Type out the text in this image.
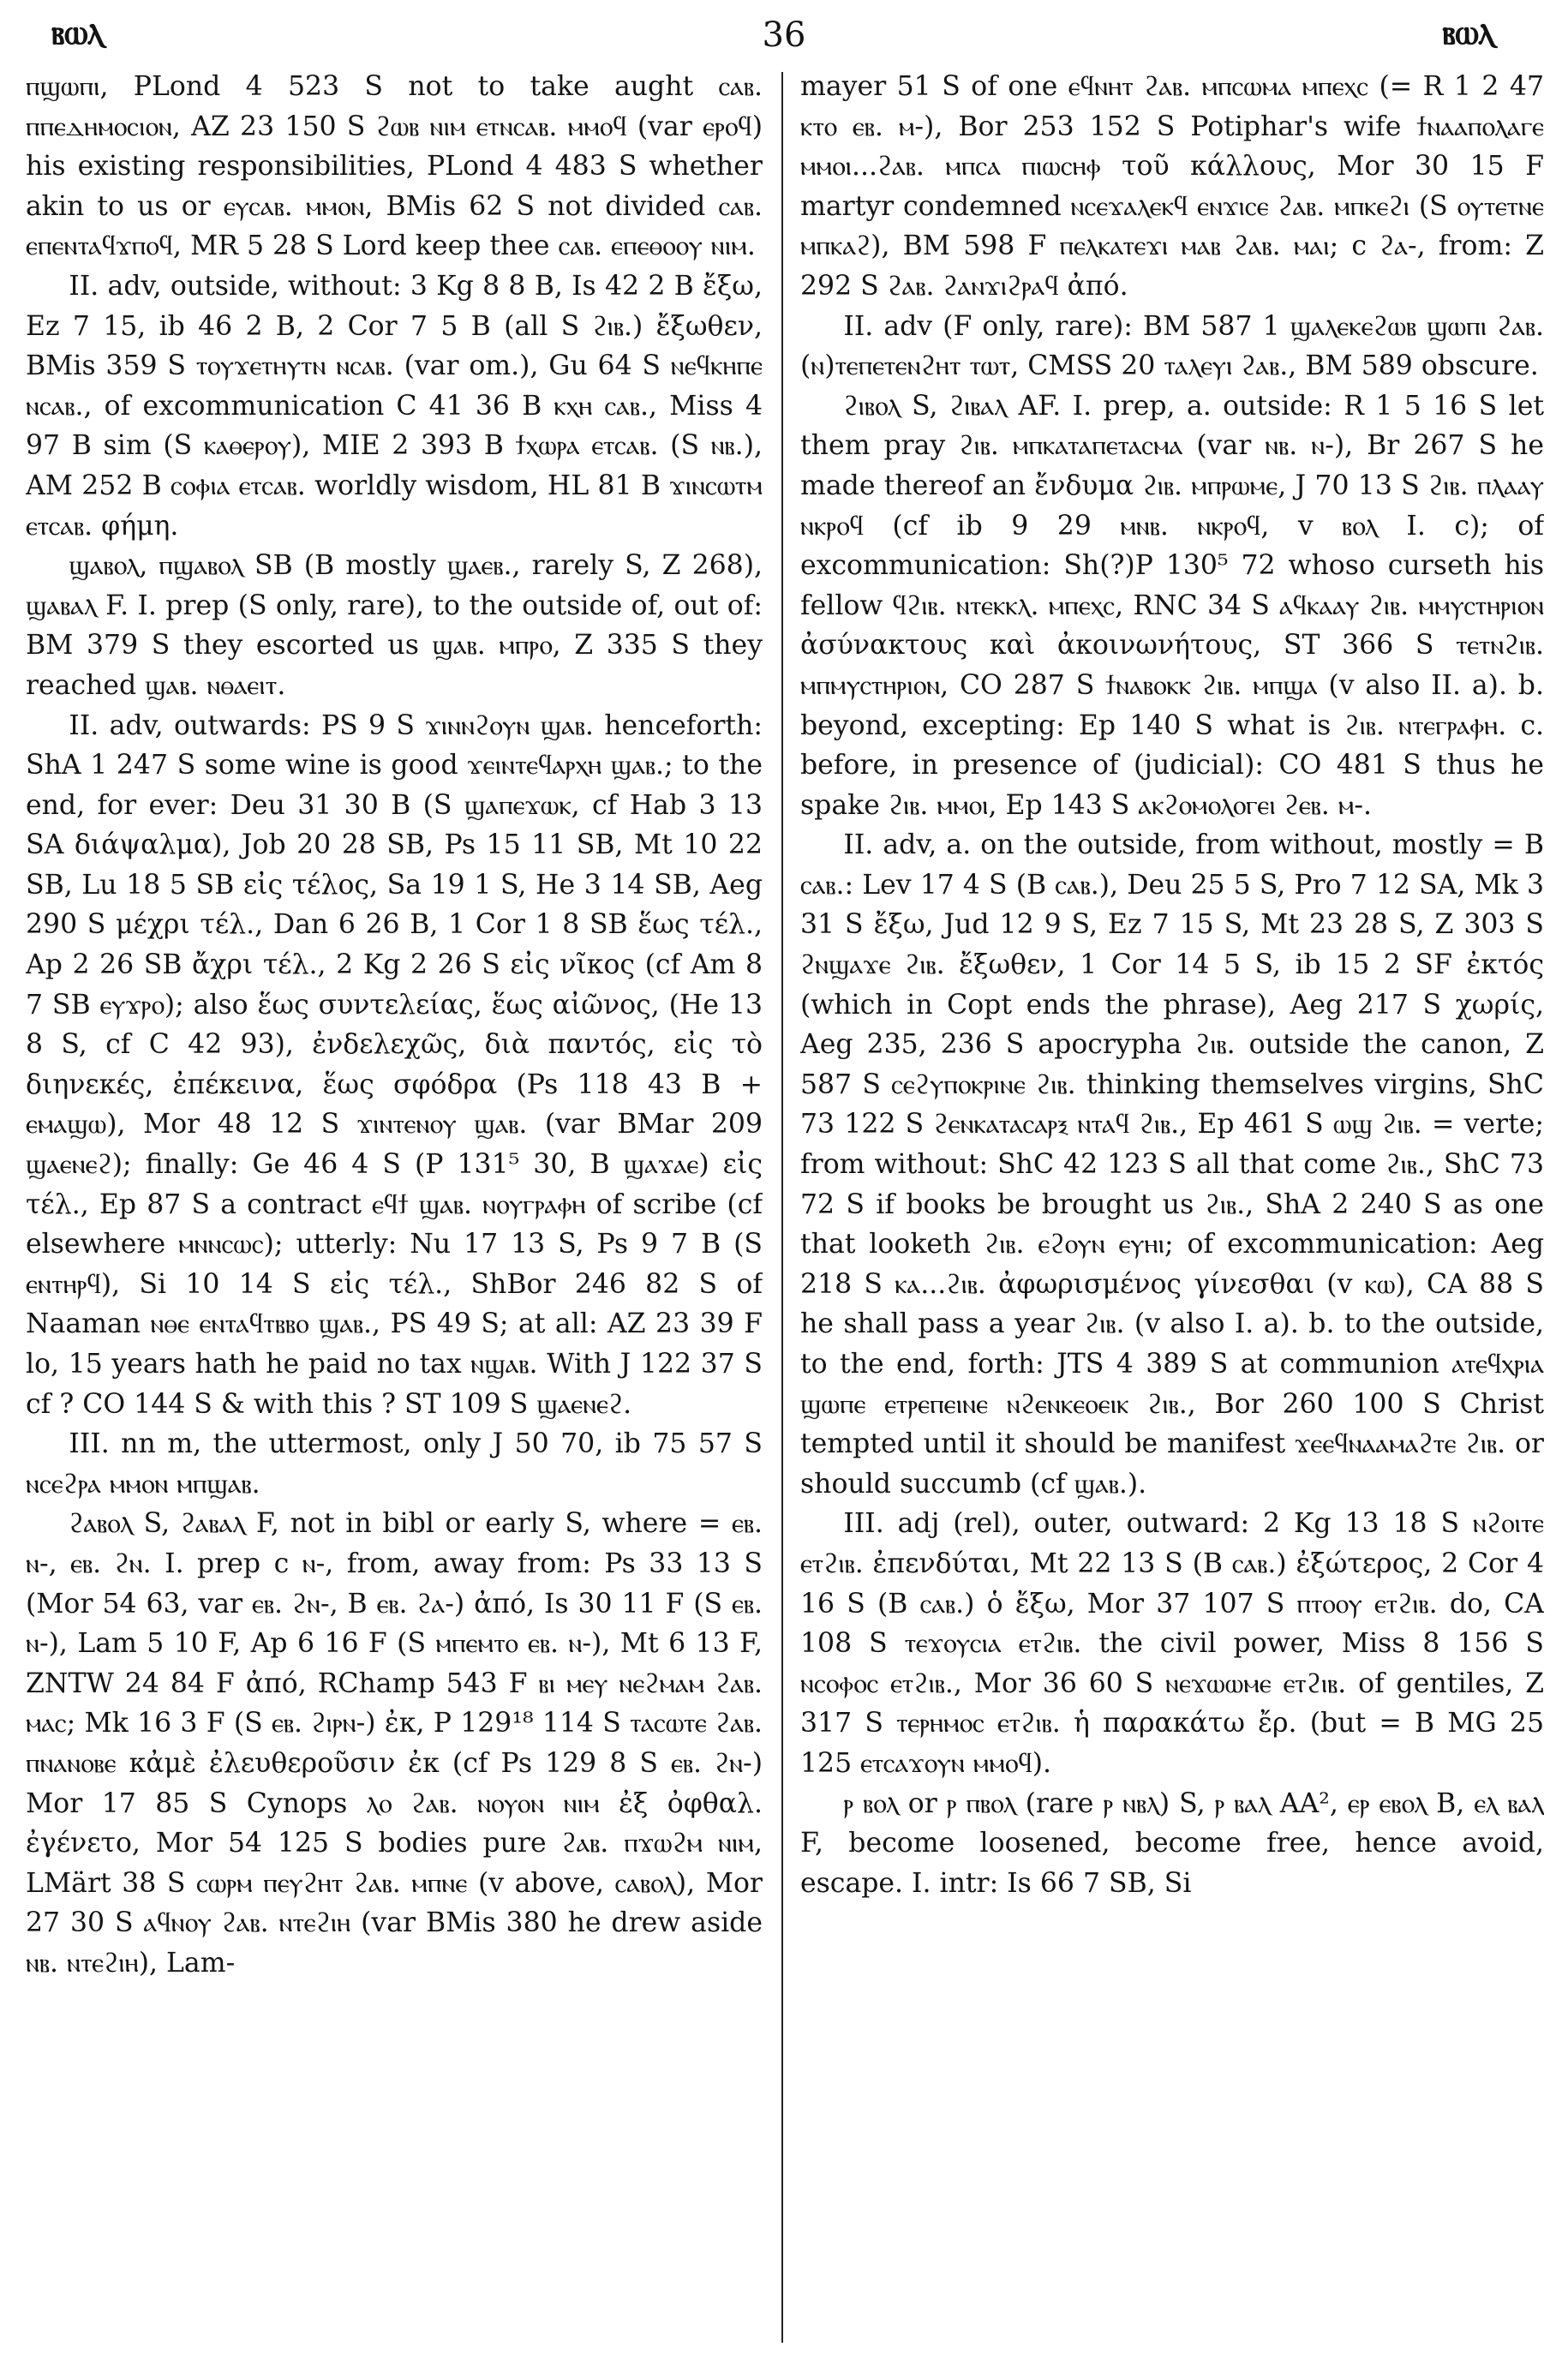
ⲃⲱⲗ	36	ⲃⲱⲗ

ⲡϣⲱⲡⲓ, PLond 4 523 S not to take aught ⲥⲁⲃ. ⲡⲡⲉⲇⲏⲙⲟⲥⲓⲟⲛ, AZ 23 150 S ϩⲱⲃ ⲛⲓⲙ ⲉⲧⲛⲥⲁⲃ. ⲙⲙⲟϥ (var ⲉⲣⲟϥ) his existing responsibilities, PLond 4 483 S whether akin to us or ⲉⲩⲥⲁⲃ. ⲙⲙⲟⲛ, BMis 62 S not divided ⲥⲁⲃ. ⲉⲡⲉⲛⲧⲁϥϫⲡⲟϥ, MR 5 28 S Lord keep thee ⲥⲁⲃ. ⲉⲡⲉⲑⲟⲟⲩ ⲛⲓⲙ.

II. adv, outside, without: 3 Kg 8 8 B, Is 42 2 B ἔξω, Ez 7 15, ib 46 2 B, 2 Cor 7 5 B (all S ϩⲓⲃ.) ἔξωθεν, BMis 359 S ⲧⲟⲩϫⲉⲧⲏⲩⲧⲛ ⲛⲥⲁⲃ. (var om.), Gu 64 S ⲛⲉϥⲕⲏⲡⲉ ⲛⲥⲁⲃ., of excommunication C 41 36 B ⲕⲭⲏ ⲥⲁⲃ., Miss 4 97 B sim (S ⲕⲁⲑⲉⲣⲟⲩ), MIE 2 393 B ϯⲭⲱⲣⲁ ⲉⲧⲥⲁⲃ. (S ⲛⲃ.), AM 252 B ⲥⲟⲫⲓⲁ ⲉⲧⲥⲁⲃ. worldly wisdom, HL 81 B ϫⲓⲛⲥⲱⲧⲙ ⲉⲧⲥⲁⲃ. φήμη.

ϣⲁⲃⲟⲗ, ⲡϣⲁⲃⲟⲗ SB (B mostly ϣⲁⲉⲃ., rarely S, Z 268), ϣⲁⲃⲁⲗ F. I. prep (S only, rare), to the outside of, out of: BM 379 S they escorted us ϣⲁⲃ. ⲙⲡⲣⲟ, Z 335 S they reached ϣⲁⲃ. ⲛⲑⲁⲉⲓⲧ.

II. adv, outwards: PS 9 S ϫⲓⲛⲛϩⲟⲩⲛ ϣⲁⲃ. henceforth: ShA 1 247 S some wine is good ϫⲉⲓⲛⲧⲉϥⲁⲣⲭⲏ ϣⲁⲃ.; to the end, for ever: Deu 31 30 B (S ϣⲁⲡⲉϫⲱⲕ, cf Hab 3 13 SA διάψαλμα), Job 20 28 SB, Ps 15 11 SB, Mt 10 22 SB, Lu 18 5 SB εἰς τέλος, Sa 19 1 S, He 3 14 SB, Aeg 290 S μέχρι τέλ., Dan 6 26 B, 1 Cor 1 8 SB ἕως τέλ., Ap 2 26 SB ἄχρι τέλ., 2 Kg 2 26 S εἰς νῖκος (cf Am 8 7 SB ⲉⲩϫⲣⲟ); also ἕως συντελείας, ἕως αἰῶνος, (He 13 8 S, cf C 42 93), ἐνδελεχῶς, διὰ παντός, εἰς τὸ διηνεκές, ἐπέκεινα, ἕως σφόδρα (Ps 118 43 B + ⲉⲙⲁϣⲱ), Mor 48 12 S ϫⲓⲛⲧⲉⲛⲟⲩ ϣⲁⲃ. (var BMar 209 ϣⲁⲉⲛⲉϩ); finally: Ge 46 4 S (P 131⁵ 30, B ϣⲁϫⲁⲉ) εἰς τέλ., Ep 87 S a contract ⲉϥϯ ϣⲁⲃ. ⲛⲟⲩⲅⲣⲁⲫⲏ of scribe (cf elsewhere ⲙⲛⲛⲥⲱⲥ); utterly: Nu 17 13 S, Ps 9 7 B (S ⲉⲛⲧⲏⲣϥ), Si 10 14 S εἰς τέλ., ShBor 246 82 S of Naaman ⲛⲑⲉ ⲉⲛⲧⲁϥⲧⲃⲃⲟ ϣⲁⲃ., PS 49 S; at all: AZ 23 39 F lo, 15 years hath he paid no tax ⲛϣⲁⲃ. With J 122 37 S cf ? CO 144 S & with this ? ST 109 S ϣⲁⲉⲛⲉϩ.

III. nn m, the uttermost, only J 50 70, ib 75 57 S ⲛⲥⲉϩⲣⲁ ⲙⲙⲟⲛ ⲙⲡϣⲁⲃ.

ϩⲁⲃⲟⲗ S, ϩⲁⲃⲁⲗ F, not in bibl or early S, where = ⲉⲃ. ⲛ-, ⲉⲃ. ϩⲛ. I. prep c ⲛ-, from, away from: Ps 33 13 S (Mor 54 63, var ⲉⲃ. ϩⲛ-, B ⲉⲃ. ϩⲁ-) ἀπό, Is 30 11 F (S ⲉⲃ. ⲛ-), Lam 5 10 F, Ap 6 16 F (S ⲙⲡⲉⲙⲧⲟ ⲉⲃ. ⲛ-), Mt 6 13 F, ZNTW 24 84 F ἀπό, RChamp 543 F ⲃⲓ ⲙⲉⲩ ⲛⲉϩⲙⲁⲙ ϩⲁⲃ. ⲙⲁⲥ; Mk 16 3 F (S ⲉⲃ. ϩⲓⲣⲛ-) ἐκ, P 129¹⁸ 114 S ⲧⲁⲥⲱⲧⲉ ϩⲁⲃ. ⲡⲛⲁⲛⲟⲃⲉ κἀμὲ ἐλευθεροῦσιν ἐκ (cf Ps 129 8 S ⲉⲃ. ϩⲛ-) Mor 17 85 S Cynops ⲗⲟ ϩⲁⲃ. ⲛⲟⲩⲟⲛ ⲛⲓⲙ ἐξ ὀφθαλ. ἐγένετο, Mor 54 125 S bodies pure ϩⲁⲃ. ⲡϫⲱϩⲙ ⲛⲓⲙ, LMärt 38 S ⲥⲱⲣⲙ ⲡⲉⲩϩⲏⲧ ϩⲁⲃ. ⲙⲡⲛⲉ (v above, ⲥⲁⲃⲟⲗ), Mor 27 30 S ⲁϥⲛⲟⲩ ϩⲁⲃ. ⲛⲧⲉϩⲓⲏ (var BMis 380 he drew aside ⲛⲃ. ⲛⲧⲉϩⲓⲏ), Lam-

mayer 51 S of one ⲉϥⲛⲏⲧ ϩⲁⲃ. ⲙⲡⲥⲱⲙⲁ ⲙⲡⲉⲭⲥ (= R 1 2 47 ⲕⲧⲟ ⲉⲃ. ⲙ-), Bor 253 152 S Potiphar's wife ϯⲛⲁⲁⲡⲟⲗⲁⲅⲉ ⲙⲙⲟⲓ...ϩⲁⲃ. ⲙⲡⲥⲁ ⲡⲓⲱⲥⲏⲫ τοῦ κάλλους, Mor 30 15 F martyr condemned ⲛⲥⲉϫⲁⲗⲉⲕϥ ⲉⲛϫⲓⲥⲉ ϩⲁⲃ. ⲙⲡⲕⲉϩⲓ (S ⲟⲩⲧⲉⲧⲛⲉ ⲙⲡⲕⲁϩ), BM 598 F ⲡⲉⲗⲕⲁⲧⲉϫⲓ ⲙⲁⲃ ϩⲁⲃ. ⲙⲁⲓ; c ϩⲁ-, from: Z 292 S ϩⲁⲃ. ϩⲁⲛϫⲓϩⲣⲁϥ ἀπό.

II. adv (F only, rare): BM 587 1 ϣⲁⲗⲉⲕⲉϩⲱⲃ ϣⲱⲡⲓ ϩⲁⲃ. (ⲛ)ⲧⲉⲡⲉⲧⲉⲛϩⲏⲧ ⲧⲱⲧ, CMSS 20 ⲧⲁⲗⲉⲩⲓ ϩⲁⲃ., BM 589 obscure.

ϩⲓⲃⲟⲗ S, ϩⲓⲃⲁⲗ AF. I. prep, a. outside: R 1 5 16 S let them pray ϩⲓⲃ. ⲙⲡⲕⲁⲧⲁⲡⲉⲧⲁⲥⲙⲁ (var ⲛⲃ. ⲛ-), Br 267 S he made thereof an ἔνδυμα ϩⲓⲃ. ⲙⲡⲣⲱⲙⲉ, J 70 13 S ϩⲓⲃ. ⲡⲗⲁⲁⲩ ⲛⲕⲣⲟϥ (cf ib 9 29 ⲙⲛⲃ. ⲛⲕⲣⲟϥ, v ⲃⲟⲗ I. c); of excommunication: Sh(?)P 130⁵ 72 whoso curseth his fellow ϥϩⲓⲃ. ⲛⲧⲉⲕⲕⲗ. ⲙⲡⲉⲭⲥ, RNC 34 S ⲁϥⲕⲁⲁⲩ ϩⲓⲃ. ⲙⲙⲩⲥⲧⲏⲣⲓⲟⲛ ἀσύνακτους καὶ ἀκοινωνήτους, ST 366 S ⲧⲉⲧⲛϩⲓⲃ. ⲙⲡⲙⲩⲥⲧⲏⲣⲓⲟⲛ, CO 287 S ϯⲛⲁⲃⲟⲕⲕ ϩⲓⲃ. ⲙⲡϣⲁ (v also II. a). b. beyond, excepting: Ep 140 S what is ϩⲓⲃ. ⲛⲧⲉⲅⲣⲁⲫⲏ. c. before, in presence of (judicial): CO 481 S thus he spake ϩⲓⲃ. ⲙⲙⲟⲓ, Ep 143 S ⲁⲕϩⲟⲙⲟⲗⲟⲅⲉⲓ ϩⲉⲃ. ⲙ-.

II. adv, a. on the outside, from without, mostly = B ⲥⲁⲃ.: Lev 17 4 S (B ⲥⲁⲃ.), Deu 25 5 S, Pro 7 12 SA, Mk 3 31 S ἔξω, Jud 12 9 S, Ez 7 15 S, Mt 23 28 S, Z 303 S ϩⲛϣⲁϫⲉ ϩⲓⲃ. ἔξωθεν, 1 Cor 14 5 S, ib 15 2 SF ἐκτός (which in Copt ends the phrase), Aeg 217 S χωρίς, Aeg 235, 236 S apocrypha ϩⲓⲃ. outside the canon, Z 587 S ⲥⲉϩⲩⲡⲟⲕⲣⲓⲛⲉ ϩⲓⲃ. thinking themselves virgins, ShC 73 122 S ϩⲉⲛⲕⲁⲧⲁⲥⲁⲣⲝ ⲛⲧⲁϥ ϩⲓⲃ., Ep 461 S ⲱϣ ϩⲓⲃ. = verte; from without: ShC 42 123 S all that come ϩⲓⲃ., ShC 73 72 S if books be brought us ϩⲓⲃ., ShA 2 240 S as one that looketh ϩⲓⲃ. ⲉϩⲟⲩⲛ ⲉⲩⲏⲓ; of excommunication: Aeg 218 S ⲕⲁ...ϩⲓⲃ. ἀφωρισμένος γίνεσθαι (v ⲕⲱ), CA 88 S he shall pass a year ϩⲓⲃ. (v also I. a). b. to the outside, to the end, forth: JTS 4 389 S at communion ⲁⲧⲉϥⲭⲣⲓⲁ ϣⲱⲡⲉ ⲉⲧⲣⲉⲡⲉⲓⲛⲉ ⲛϩⲉⲛⲕⲉⲟⲉⲓⲕ ϩⲓⲃ., Bor 260 100 S Christ tempted until it should be manifest ϫⲉⲉϥⲛⲁⲁⲙⲁϩⲧⲉ ϩⲓⲃ. or should succumb (cf ϣⲁⲃ.).

III. adj (rel), outer, outward: 2 Kg 13 18 S ⲛϩⲟⲓⲧⲉ ⲉⲧϩⲓⲃ. ἐπενδύται, Mt 22 13 S (B ⲥⲁⲃ.) ἐξώτερος, 2 Cor 4 16 S (B ⲥⲁⲃ.) ὁ ἔξω, Mor 37 107 S ⲡⲧⲟⲟⲩ ⲉⲧϩⲓⲃ. do, CA 108 S ⲧⲉϫⲟⲩⲥⲓⲁ ⲉⲧϩⲓⲃ. the civil power, Miss 8 156 S ⲛⲥⲟⲫⲟⲥ ⲉⲧϩⲓⲃ., Mor 36 60 S ⲛⲉϫⲱⲱⲙⲉ ⲉⲧϩⲓⲃ. of gentiles, Z 317 S ⲧⲉⲣⲏⲙⲟⲥ ⲉⲧϩⲓⲃ. ἡ παρακάτω ἔρ. (but = B MG 25 125 ⲉⲧⲥⲁϫⲟⲩⲛ ⲙⲙⲟϥ).

ⲣ ⲃⲟⲗ or ⲣ ⲡⲃⲟⲗ (rare ⲣ ⲛⲃⲗ) S, ⲣ ⲃⲁⲗ AA², ⲉⲣ ⲉⲃⲟⲗ B, ⲉⲗ ⲃⲁⲗ F, become loosened, become free, hence avoid, escape. I. intr: Is 66 7 SB, Si
